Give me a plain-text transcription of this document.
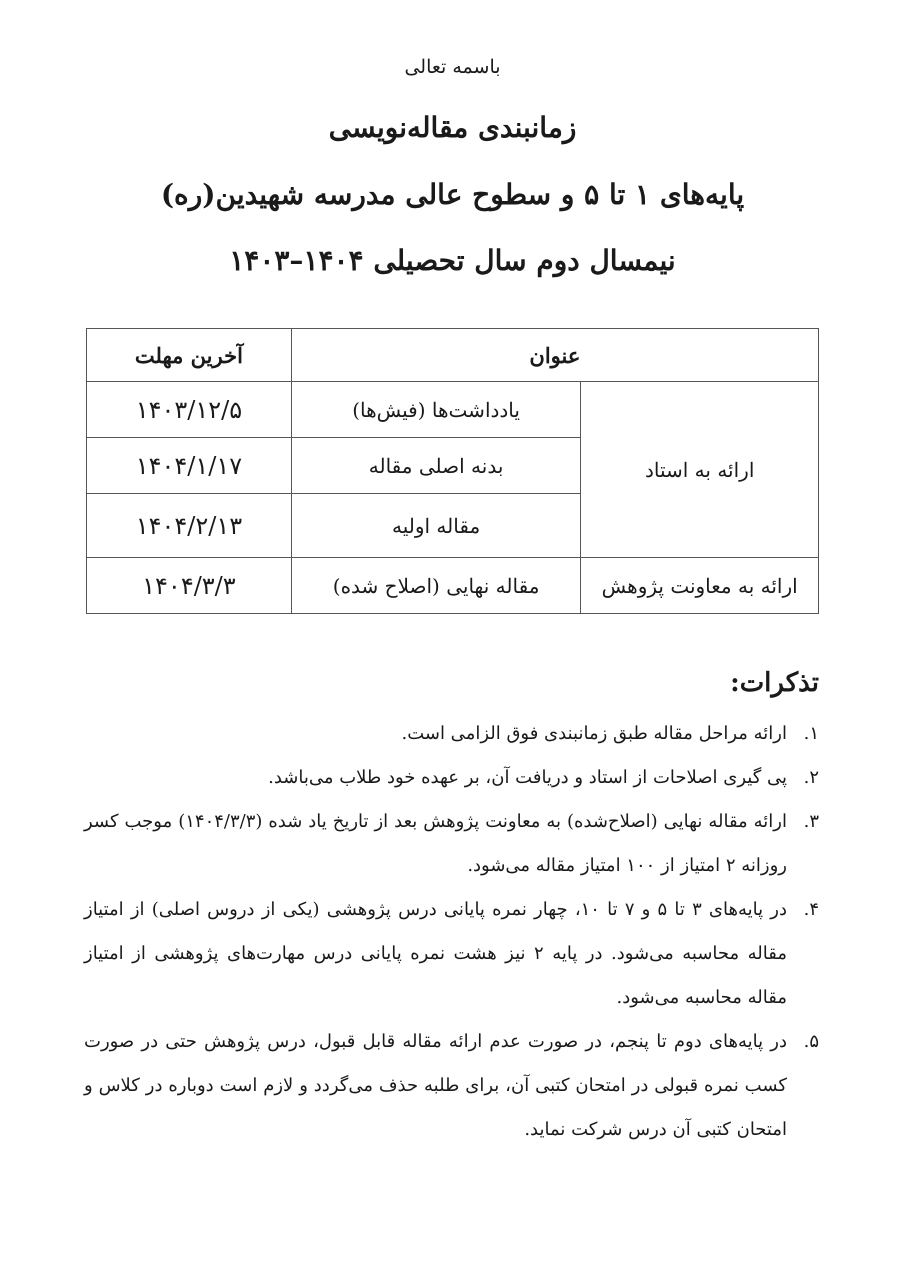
باسمه تعالی
زمانبندی مقاله‌نویسی
پایه‌های ۱ تا ۵ و سطوح عالی مدرسه شهیدین(ره)
نیمسال دوم سال تحصیلی ۱۴۰۴–۱۴۰۳
عنوان		آخرین مهلت
ارائه به استاد	یادداشت‌ها (فیش‌ها)	۱۴۰۳/۱۲/۵
	بدنه اصلی مقاله	۱۴۰۴/۱/۱۷
	مقاله اولیه	۱۴۰۴/۲/۱۳
ارائه به معاونت پژوهش	مقاله نهایی (اصلاح شده)	۱۴۰۴/۳/۳
تذکرات:
۱.
ارائه مراحل مقاله طبق زمانبندی فوق الزامی است.
۲.
پی گیری اصلاحات از استاد و دریافت آن، بر عهده خود طلاب می‌باشد.
۳.
ارائه مقاله نهایی (اصلاح‌شده) به معاونت پژوهش بعد از تاریخ یاد شده (۱۴۰۴/۳/۳) موجب کسر روزانه ۲ امتیاز از ۱۰۰ امتیاز مقاله می‌شود.
۴.
در پایه‌های ۳ تا ۵ و ۷ تا ۱۰، چهار نمره پایانی درس پژوهشی (یکی از دروس اصلی) از امتیاز مقاله محاسبه می‌شود. در پایه ۲ نیز هشت نمره پایانی درس مهارت‌های پژوهشی از امتیاز مقاله محاسبه می‌شود.
۵.
در پایه‌های دوم تا پنجم، در صورت عدم ارائه مقاله قابل قبول، درس پژوهش حتی در صورت کسب نمره قبولی در امتحان کتبی آن، برای طلبه حذف می‌گردد و لازم است دوباره در کلاس و امتحان کتبی آن درس شرکت نماید.
